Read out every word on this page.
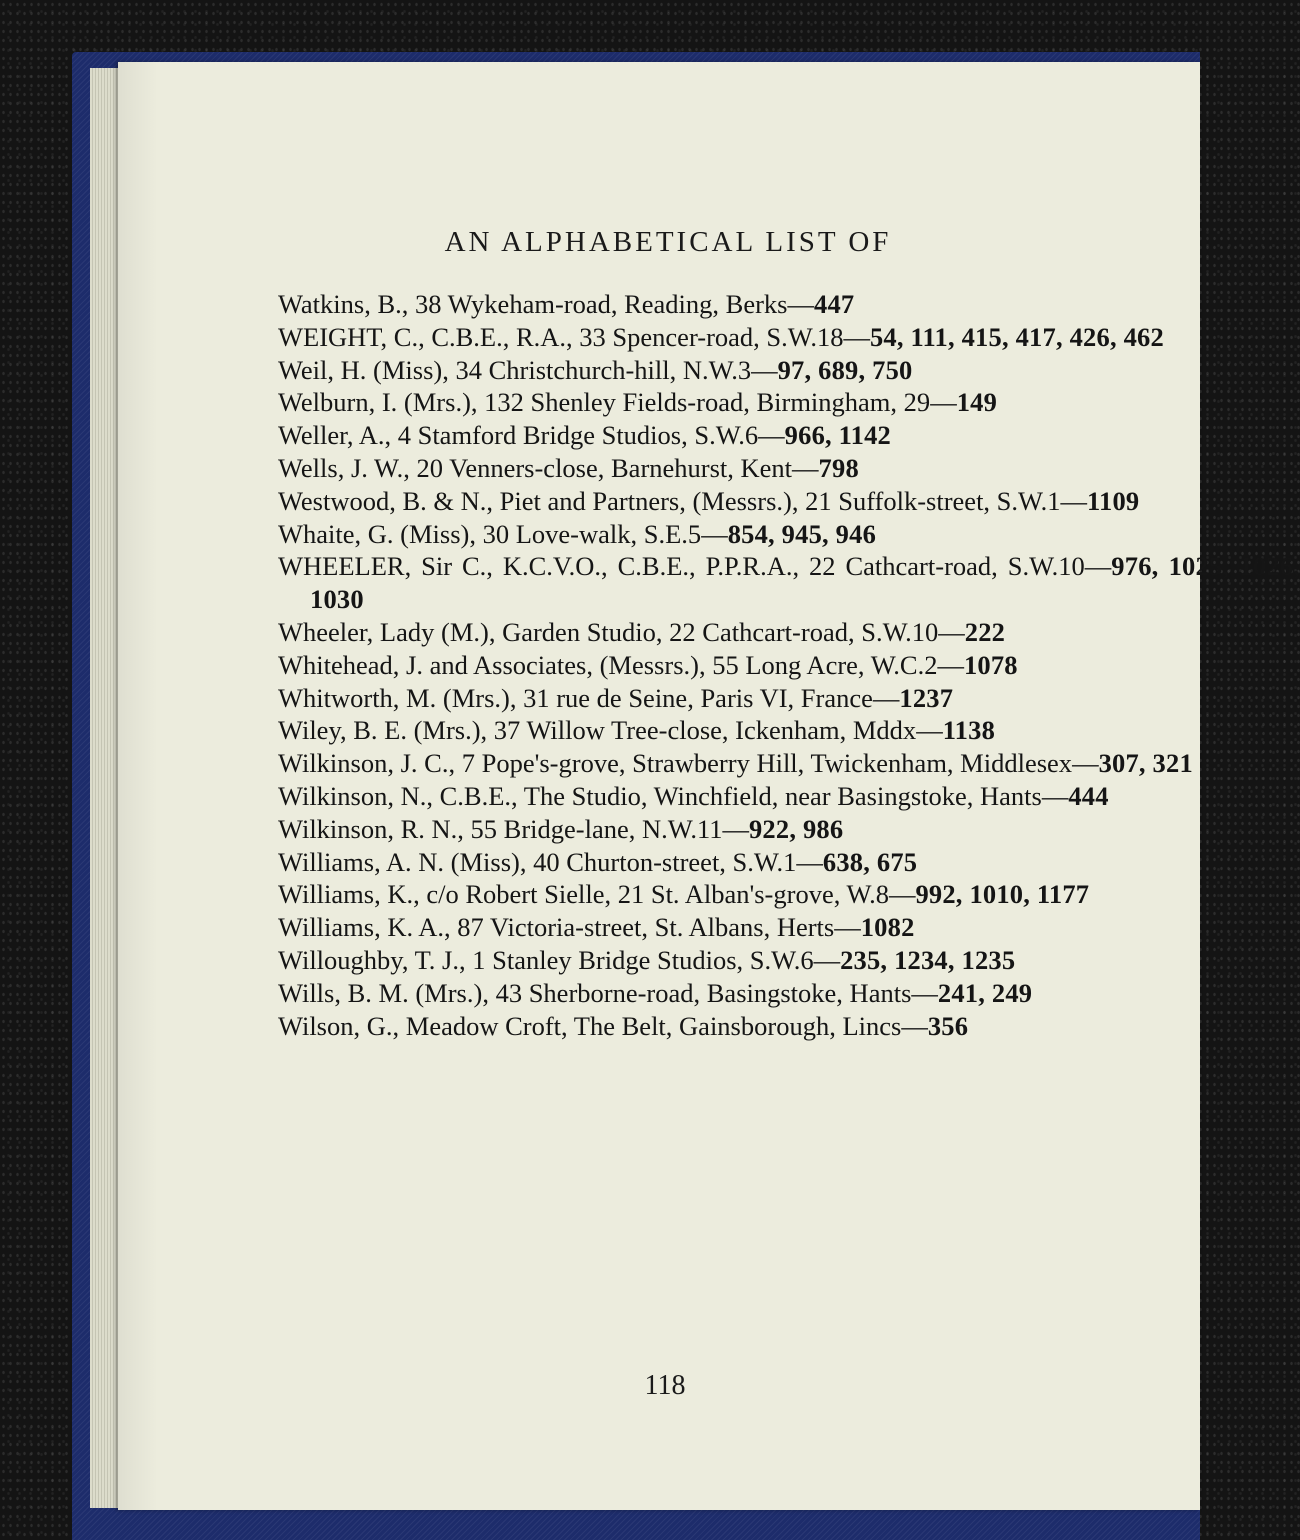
AN ALPHABETICAL LIST OF
Watkins, B., 38 Wykeham-road, Reading, Berks—447
WEIGHT, C., C.B.E., R.A., 33 Spencer-road, S.W.18—54, 111, 415, 417, 426, 462
Weil, H. (Miss), 34 Christchurch-hill, N.W.3—97, 689, 750
Welburn, I. (Mrs.), 132 Shenley Fields-road, Birmingham, 29—149
Weller, A., 4 Stamford Bridge Studios, S.W.6—966, 1142
Wells, J. W., 20 Venners-close, Barnehurst, Kent—798
Westwood, B. & N., Piet and Partners, (Messrs.), 21 Suffolk-street, S.W.1—1109
Whaite, G. (Miss), 30 Love-walk, S.E.5—854, 945, 946
WHEELER, Sir C., K.C.V.O., C.B.E., P.P.R.A., 22 Cathcart-road, S.W.10—976, 1025, 1026, 1030
Wheeler, Lady (M.), Garden Studio, 22 Cathcart-road, S.W.10—222
Whitehead, J. and Associates, (Messrs.), 55 Long Acre, W.C.2—1078
Whitworth, M. (Mrs.), 31 rue de Seine, Paris VI, France—1237
Wiley, B. E. (Mrs.), 37 Willow Tree-close, Ickenham, Mddx—1138
Wilkinson, J. C., 7 Pope's-grove, Strawberry Hill, Twickenham, Middlesex—307, 321
Wilkinson, N., C.B.E., The Studio, Winchfield, near Basingstoke, Hants—444
Wilkinson, R. N., 55 Bridge-lane, N.W.11—922, 986
Williams, A. N. (Miss), 40 Churton-street, S.W.1—638, 675
Williams, K., c/o Robert Sielle, 21 St. Alban's-grove, W.8—992, 1010, 1177
Williams, K. A., 87 Victoria-street, St. Albans, Herts—1082
Willoughby, T. J., 1 Stanley Bridge Studios, S.W.6—235, 1234, 1235
Wills, B. M. (Mrs.), 43 Sherborne-road, Basingstoke, Hants—241, 249
Wilson, G., Meadow Croft, The Belt, Gainsborough, Lincs—356
118
